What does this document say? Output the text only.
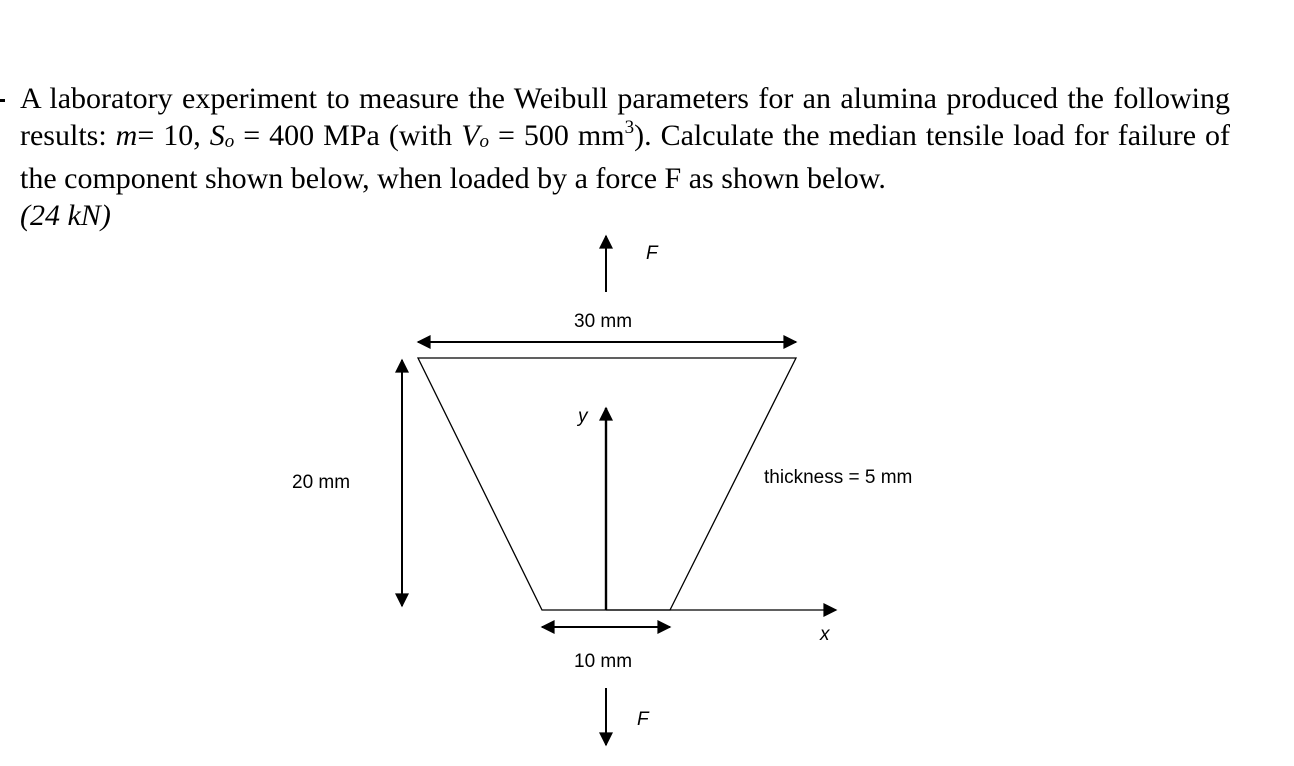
A laboratory experiment to measure the Weibull parameters for an alumina produced the following results: m= 10, $S_o = 400$ MPa (with $V_o = 500$ $mm^3$). Calculate the median tensile load for failure of the component shown below, when loaded by a force F as shown below.

(24 kN)

F
30 mm
20 mm
y
x
thickness = 5 mm
10 mm
F
